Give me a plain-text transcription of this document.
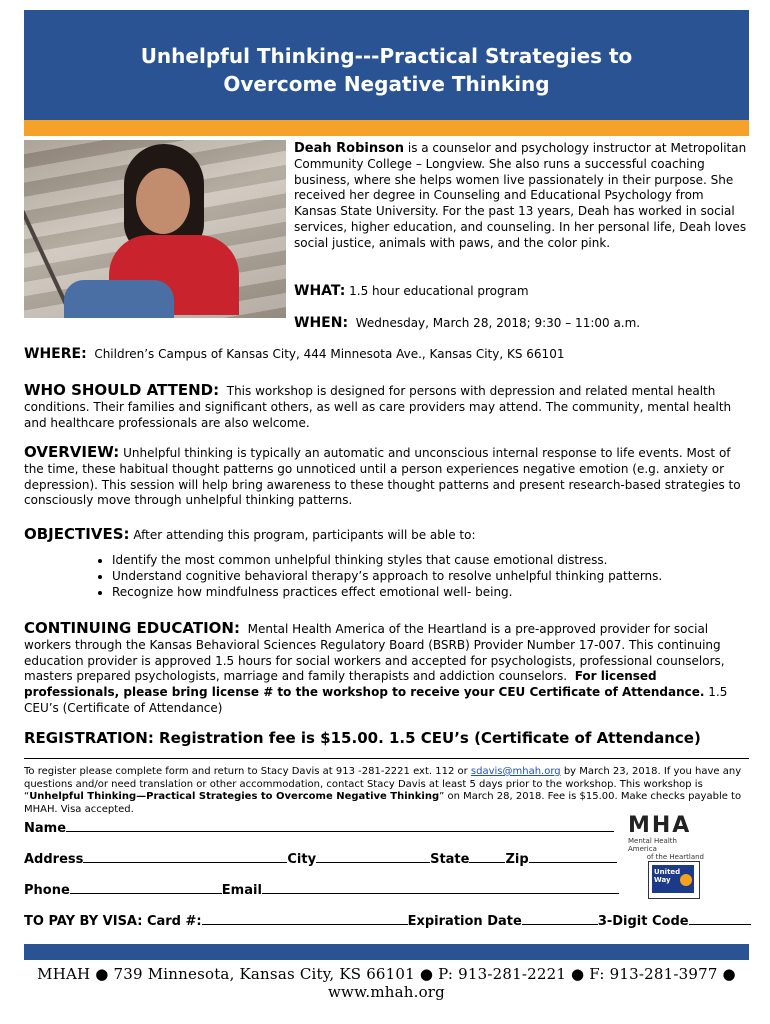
Unhelpful Thinking---Practical Strategies to
Overcome Negative Thinking
Deah Robinson is a counselor and psychology instructor at Metropolitan Community College – Longview. She also runs a successful coaching business, where she helps women live passionately in their purpose. She received her degree in Counseling and Educational Psychology from Kansas State University. For the past 13 years, Deah has worked in social services, higher education, and counseling. In her personal life, Deah loves social justice, animals with paws, and the color pink.
WHAT: 1.5 hour educational program
WHEN: Wednesday, March 28, 2018; 9:30 – 11:00 a.m.
WHERE: Children’s Campus of Kansas City, 444 Minnesota Ave., Kansas City, KS 66101
WHO SHOULD ATTEND: This workshop is designed for persons with depression and related mental health conditions. Their families and significant others, as well as care providers may attend. The community, mental health and healthcare professionals are also welcome.
OVERVIEW: Unhelpful thinking is typically an automatic and unconscious internal response to life events. Most of the time, these habitual thought patterns go unnoticed until a person experiences negative emotion (e.g. anxiety or depression). This session will help bring awareness to these thought patterns and present research-based strategies to consciously move through unhelpful thinking patterns.
OBJECTIVES: After attending this program, participants will be able to:
• Identify the most common unhelpful thinking styles that cause emotional distress.
• Understand cognitive behavioral therapy’s approach to resolve unhelpful thinking patterns.
• Recognize how mindfulness practices effect emotional well- being.
CONTINUING EDUCATION: Mental Health America of the Heartland is a pre-approved provider for social workers through the Kansas Behavioral Sciences Regulatory Board (BSRB) Provider Number 17-007. This continuing education provider is approved 1.5 hours for social workers and accepted for psychologists, professional counselors, masters prepared psychologists, marriage and family therapists and addiction counselors. For licensed professionals, please bring license # to the workshop to receive your CEU Certificate of Attendance. 1.5 CEU’s (Certificate of Attendance)
REGISTRATION: Registration fee is $15.00. 1.5 CEU’s (Certificate of Attendance)
To register please complete form and return to Stacy Davis at 913 -281-2221 ext. 112 or sdavis@mhah.org by March 23, 2018. If you have any questions and/or need translation or other accommodation, contact Stacy Davis at least 5 days prior to the workshop. This workshop is “Unhelpful Thinking—Practical Strategies to Overcome Negative Thinking” on March 28, 2018. Fee is $15.00. Make checks payable to MHAH. Visa accepted.
Name
Address	City	State	Zip
Phone	Email
TO PAY BY VISA: Card #:	Expiration Date	3-Digit Code
MHA
Mental Health America
of the Heartland
United
Way
MHAH ● 739 Minnesota, Kansas City, KS 66101 ● P: 913-281-2221 ● F: 913-281-3977 ● www.mhah.org
